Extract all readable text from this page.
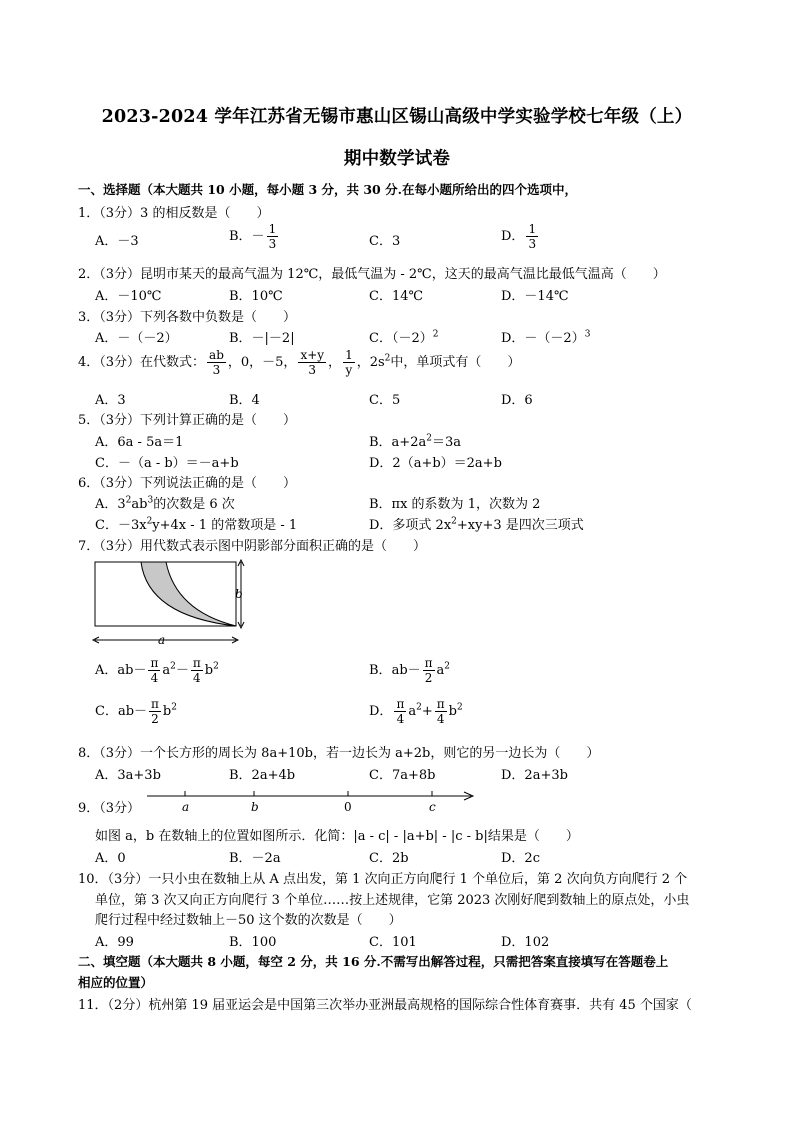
2023-2024 学年江苏省无锡市惠山区锡山高级中学实验学校七年级（上）
期中数学试卷
一、选择题（本大题共 10 小题，每小题 3 分，共 30 分.在每小题所给出的四个选项中，
1．（3分）3 的相反数是（　　）
A．－3	B．－ $\frac{1}{3}$	C．3	D． $\frac{1}{3}$
2．（3分）昆明市某天的最高气温为 12℃，最低气温为 - 2℃，这天的最高气温比最低气温高（　　）
A．－10℃	B．10℃	C．14℃	D．－14℃
3．（3分）下列各数中负数是（　　）
A．－（－2）	B．－|－2|	C．$(-2)^2$	D．$-(-2)^3$
4．（3分）在代数式： $\frac{ab}{3}$ ，0，－5， $\frac{x+y}{3}$ ， $\frac{1}{y}$ ，$2s^2$中，单项式有（　　）
A．3	B．4	C．5	D．6
5．（3分）下列计算正确的是（　　）
A．6a - 5a＝1	B．$a+2a^2=3a$
C．－（a - b）＝－a+b	D．2（a+b）＝2a+b
6．（3分）下列说法正确的是（　　）
A．$3^2ab^3$的次数是 6 次	B．πx 的系数为 1，次数为 2
C．$-3x^2y+4x - 1$ 的常数项是 - 1	D．多项式 $2x^2+xy+3$ 是四次三项式
7．（3分）用代数式表示图中阴影部分面积正确的是（　　）
b
a
A．$ab- \frac{\pi}{4} a^2- \frac{\pi}{4} b^2$	B．$ab- \frac{\pi}{2} a^2$
C．$ab- \frac{\pi}{2} b^2$	D． $\frac{\pi}{4} a^2+ \frac{\pi}{4} b^2$
8．（3分）一个长方形的周长为 8a+10b，若一边长为 a+2b，则它的另一边长为（　　）
A．3a+3b	B．2a+4b	C．7a+8b	D．2a+3b
9．（3分）	a	b	0	c
如图 a，b 在数轴上的位置如图所示．化简：|a - c| - |a+b| - |c - b|结果是（　　）
A．0	B．－2a	C．2b	D．2c
10．（3分）一只小虫在数轴上从 A 点出发，第 1 次向正方向爬行 1 个单位后，第 2 次向负方向爬行 2 个
单位，第 3 次又向正方向爬行 3 个单位……按上述规律，它第 2023 次刚好爬到数轴上的原点处，小虫
爬行过程中经过数轴上－50 这个数的次数是（　　）
A．99	B．100	C．101	D．102
二、填空题（本大题共 8 小题，每空 2 分，共 16 分.不需写出解答过程，只需把答案直接填写在答题卷上
相应的位置）
11．（2分）杭州第 19 届亚运会是中国第三次举办亚洲最高规格的国际综合性体育赛事．共有 45 个国家（
